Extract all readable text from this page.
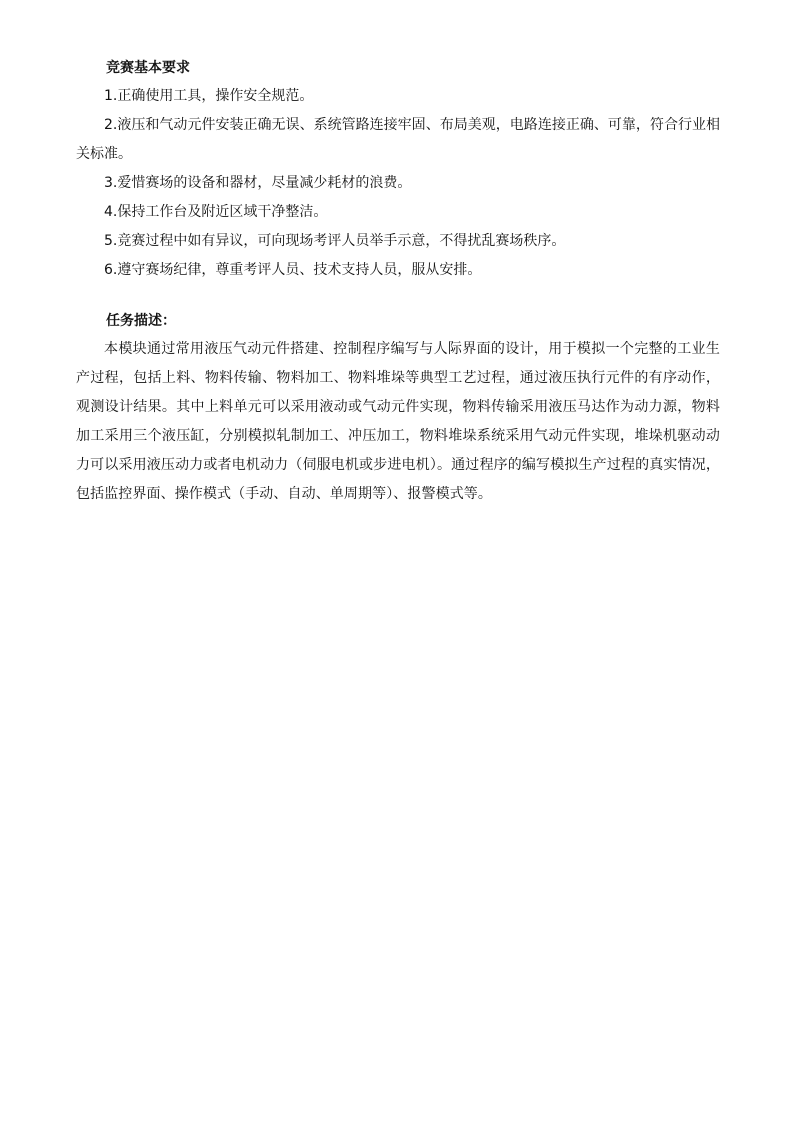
竞赛基本要求

1.正确使用工具，操作安全规范。

2.液压和气动元件安装正确无误、系统管路连接牢固、布局美观，电路连接正确、可靠，符合行业相关标准。

3.爱惜赛场的设备和器材，尽量减少耗材的浪费。

4.保持工作台及附近区域干净整洁。

5.竞赛过程中如有异议，可向现场考评人员举手示意，不得扰乱赛场秩序。

6.遵守赛场纪律，尊重考评人员、技术支持人员，服从安排。

任务描述：

本模块通过常用液压气动元件搭建、控制程序编写与人际界面的设计，用于模拟一个完整的工业生产过程，包括上料、物料传输、物料加工、物料堆垛等典型工艺过程，通过液压执行元件的有序动作，观测设计结果。其中上料单元可以采用液动或气动元件实现，物料传输采用液压马达作为动力源，物料加工采用三个液压缸，分别模拟轧制加工、冲压加工，物料堆垛系统采用气动元件实现，堆垛机驱动动力可以采用液压动力或者电机动力（伺服电机或步进电机）。通过程序的编写模拟生产过程的真实情况，包括监控界面、操作模式（手动、自动、单周期等）、报警模式等。
